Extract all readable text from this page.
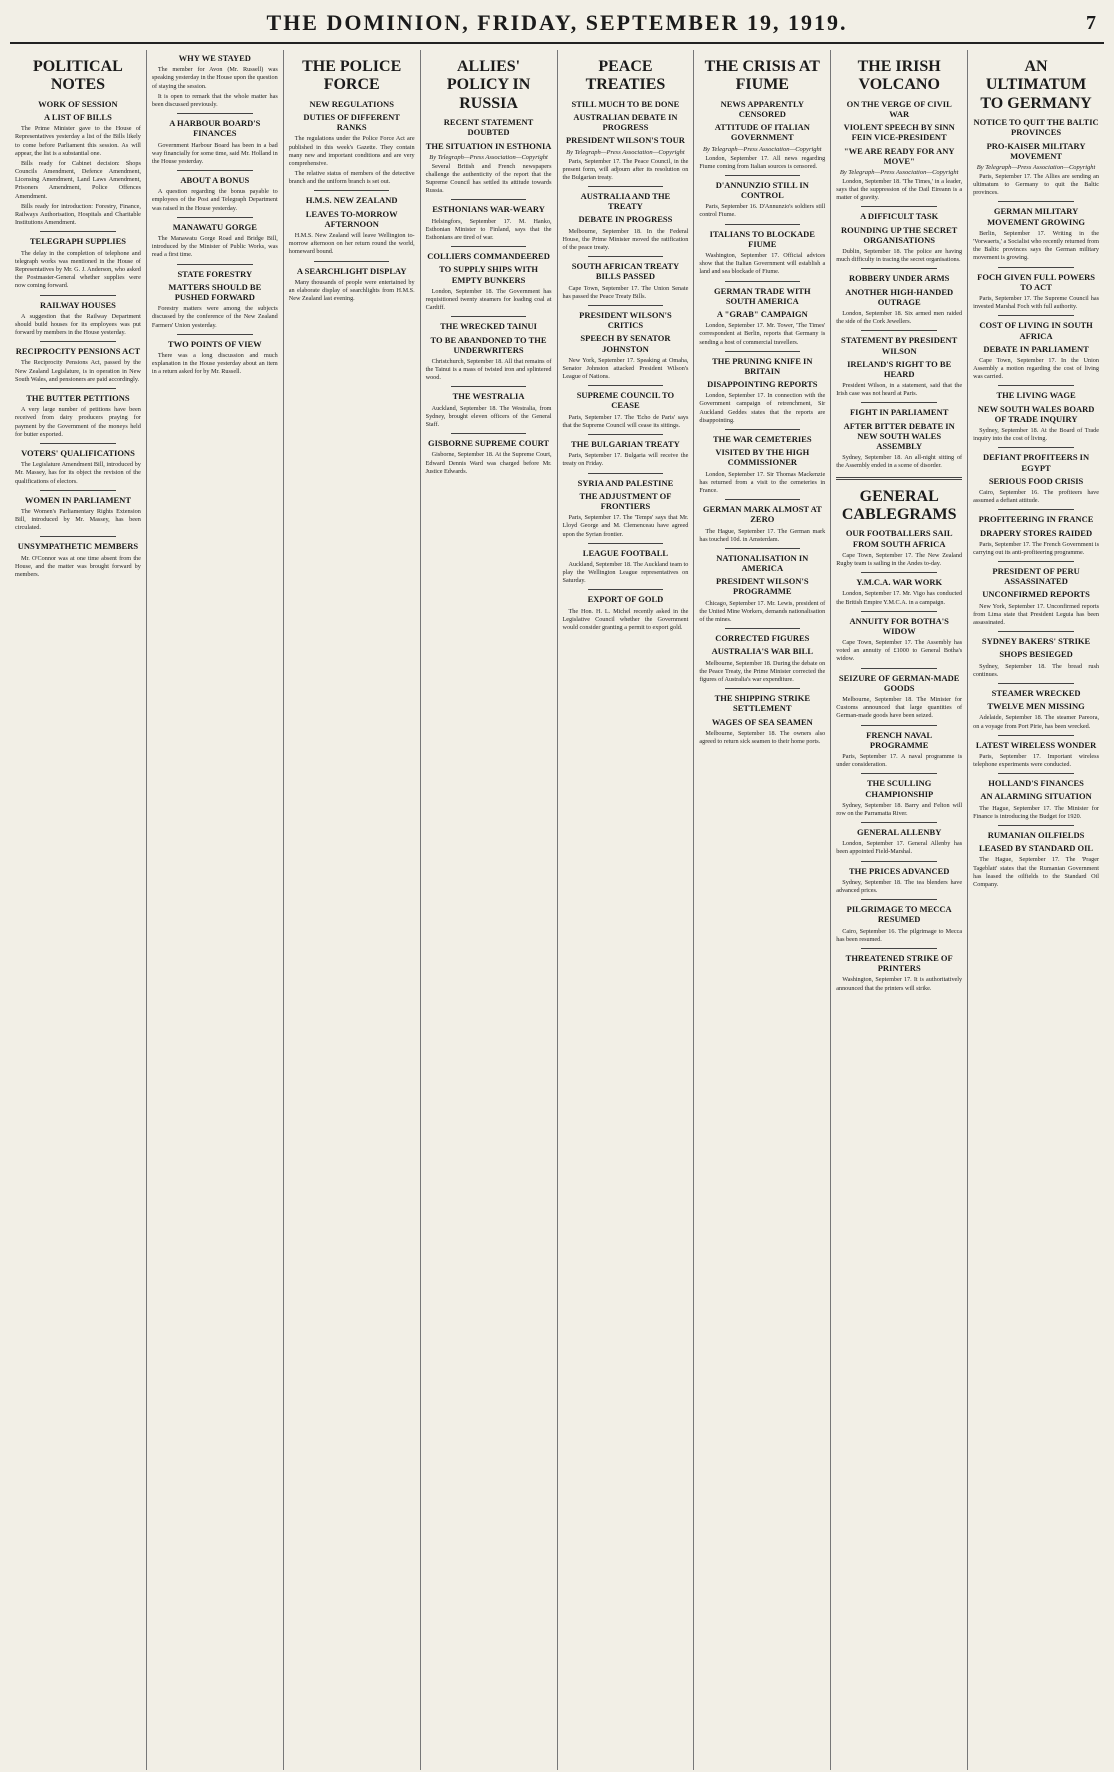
THE DOMINION, FRIDAY, SEPTEMBER 19, 1919.	7
POLITICAL NOTES
WORK OF SESSION
A LIST OF BILLS

The Prime Minister gave to the House of Representatives yesterday a list of the Bills likely to come before Parliament this session. As will appear, the list is a substantial one.

Bills ready for Cabinet decision: Shops Councils Amendment, Defence Amendment, Licensing Amendment, Land Laws Amendment, Prisoners Amendment, Police Offences Amendment.

Bills ready for introduction: Forestry, Finance, Railways Authorisation, Hospitals and Charitable Institutions Amendment.

TELEGRAPH SUPPLIES

The delay in the completion of telephone and telegraph works was mentioned in the House of Representatives by Mr. G. J. Anderson, who asked the Postmaster-General whether supplies were now coming forward.

RAILWAY HOUSES

A suggestion that the Railway Department should build houses for its employees was put forward by members in the House yesterday.

RECIPROCITY PENSIONS ACT

The Reciprocity Pensions Act, passed by the New Zealand Legislature, is in operation in New South Wales, and pensioners are paid accordingly.

THE BUTTER PETITIONS

A very large number of petitions have been received from dairy producers praying for payment by the Government of the moneys held for butter exported.

VOTERS' QUALIFICATIONS

The Legislature Amendment Bill, introduced by Mr. Massey, has for its object the revision of the qualifications of electors.

WOMEN IN PARLIAMENT

The Women's Parliamentary Rights Extension Bill, introduced by Mr. Massey, has been circulated.

UNSYMPATHETIC MEMBERS

Mr. O'Connor was at one time absent from the House, and the matter was brought forward by members.

WHY WE STAYED

The member for Avon (Mr. Russell) was speaking yesterday in the House upon the question of staying the session.

It is open to remark that the whole matter has been discussed previously.

A HARBOUR BOARD'S FINANCES

Government Harbour Board has been in a bad way financially for some time, said Mr. Holland in the House yesterday.

ABOUT A BONUS

A question regarding the bonus payable to employees of the Post and Telegraph Department was raised in the House yesterday.

MANAWATU GORGE

The Manawatu Gorge Road and Bridge Bill, introduced by the Minister of Public Works, was read a first time.

STATE FORESTRY
MATTERS SHOULD BE PUSHED FORWARD

Forestry matters were among the subjects discussed by the conference of the New Zealand Farmers' Union yesterday.

TWO POINTS OF VIEW

There was a long discussion and much explanation in the House yesterday about an item in a return asked for by Mr. Russell.

THE POLICE FORCE
NEW REGULATIONS
DUTIES OF DIFFERENT RANKS

The regulations under the Police Force Act are published in this week's Gazette. They contain many new and important conditions and are very comprehensive.

The relative status of members of the detective branch and the uniform branch is set out.

H.M.S. NEW ZEALAND
LEAVES TO-MORROW AFTERNOON

H.M.S. New Zealand will leave Wellington to-morrow afternoon on her return round the world, homeward bound.

A SEARCHLIGHT DISPLAY

Many thousands of people were entertained by an elaborate display of searchlights from H.M.S. New Zealand last evening.

ALLIES' POLICY IN RUSSIA
RECENT STATEMENT DOUBTED
THE SITUATION IN ESTHONIA
By Telegraph—Press Association—Copyright

Several British and French newspapers challenge the authenticity of the report that the Supreme Council has settled its attitude towards Russia.

ESTHONIANS WAR-WEARY

Helsingfors, September 17. M. Hanko, Esthonian Minister to Finland, says that the Esthonians are tired of war.

COLLIERS COMMANDEERED
TO SUPPLY SHIPS WITH EMPTY BUNKERS

London, September 18. The Government has requisitioned twenty steamers for loading coal at Cardiff.

THE WRECKED TAINUI
TO BE ABANDONED TO THE UNDERWRITERS

Christchurch, September 18. All that remains of the Tainui is a mass of twisted iron and splintered wood.

THE WESTRALIA

Auckland, September 18. The Westralia, from Sydney, brought eleven officers of the General Staff.

GISBORNE SUPREME COURT

Gisborne, September 18. At the Supreme Court, Edward Dennis Ward was charged before Mr. Justice Edwards.

PEACE TREATIES
STILL MUCH TO BE DONE
AUSTRALIAN DEBATE IN PROGRESS
PRESIDENT WILSON'S TOUR
By Telegraph—Press Association—Copyright

Paris, September 17. The Peace Council, in the present form, will adjourn after its resolution on the Bulgarian treaty.

AUSTRALIA AND THE TREATY
DEBATE IN PROGRESS

Melbourne, September 18. In the Federal House, the Prime Minister moved the ratification of the peace treaty.

SOUTH AFRICAN TREATY BILLS PASSED

Cape Town, September 17. The Union Senate has passed the Peace Treaty Bills.

PRESIDENT WILSON'S CRITICS
SPEECH BY SENATOR JOHNSTON

New York, September 17. Speaking at Omaha, Senator Johnston attacked President Wilson's League of Nations.

SUPREME COUNCIL TO CEASE

Paris, September 17. The 'Echo de Paris' says that the Supreme Council will cease its sittings.

THE BULGARIAN TREATY

Paris, September 17. Bulgaria will receive the treaty on Friday.

SYRIA AND PALESTINE
THE ADJUSTMENT OF FRONTIERS

Paris, September 17. The 'Temps' says that Mr. Lloyd George and M. Clemenceau have agreed upon the Syrian frontier.

LEAGUE FOOTBALL

Auckland, September 18. The Auckland team to play the Wellington League representatives on Saturday.

EXPORT OF GOLD

The Hon. H. L. Michel recently asked in the Legislative Council whether the Government would consider granting a permit to export gold.

THE CRISIS AT FIUME
NEWS APPARENTLY CENSORED
ATTITUDE OF ITALIAN GOVERNMENT
By Telegraph—Press Association—Copyright

London, September 17. All news regarding Fiume coming from Italian sources is censored.

D'ANNUNZIO STILL IN CONTROL

Paris, September 16. D'Annunzio's soldiers still control Fiume.

ITALIANS TO BLOCKADE FIUME

Washington, September 17. Official advices show that the Italian Government will establish a land and sea blockade of Fiume.

GERMAN TRADE WITH SOUTH AMERICA
A "GRAB" CAMPAIGN

London, September 17. Mr. Tower, 'The Times' correspondent at Berlin, reports that Germany is sending a host of commercial travellers.

THE PRUNING KNIFE IN BRITAIN
DISAPPOINTING REPORTS

London, September 17. In connection with the Government campaign of retrenchment, Sir Auckland Geddes states that the reports are disappointing.

THE WAR CEMETERIES
VISITED BY THE HIGH COMMISSIONER

London, September 17. Sir Thomas Mackenzie has returned from a visit to the cemeteries in France.

GERMAN MARK ALMOST AT ZERO

The Hague, September 17. The German mark has touched 10d. in Amsterdam.

NATIONALISATION IN AMERICA
PRESIDENT WILSON'S PROGRAMME

Chicago, September 17. Mr. Lewis, president of the United Mine Workers, demands nationalisation of the mines.

CORRECTED FIGURES
AUSTRALIA'S WAR BILL

Melbourne, September 18. During the debate on the Peace Treaty, the Prime Minister corrected the figures of Australia's war expenditure.

THE SHIPPING STRIKE SETTLEMENT
WAGES OF SEA SEAMEN

Melbourne, September 18. The owners also agreed to return sick seamen to their home ports.

THE IRISH VOLCANO
ON THE VERGE OF CIVIL WAR
VIOLENT SPEECH BY SINN FEIN VICE-PRESIDENT
"WE ARE READY FOR ANY MOVE"
By Telegraph—Press Association—Copyright

London, September 18. 'The Times,' in a leader, says that the suppression of the Dail Eireann is a matter of gravity.

A DIFFICULT TASK
ROUNDING UP THE SECRET ORGANISATIONS

Dublin, September 18. The police are having much difficulty in tracing the secret organisations.

ROBBERY UNDER ARMS
ANOTHER HIGH-HANDED OUTRAGE

London, September 18. Six armed men raided the side of the Cork Jewellers.

STATEMENT BY PRESIDENT WILSON
IRELAND'S RIGHT TO BE HEARD

President Wilson, in a statement, said that the Irish case was not heard at Paris.

FIGHT IN PARLIAMENT
AFTER BITTER DEBATE IN NEW SOUTH WALES ASSEMBLY

Sydney, September 18. An all-night sitting of the Assembly ended in a scene of disorder.

GENERAL CABLEGRAMS
OUR FOOTBALLERS SAIL FROM SOUTH AFRICA

Cape Town, September 17. The New Zealand Rugby team is sailing in the Andes to-day.

Y.M.C.A. WAR WORK

London, September 17. Mr. Vigo has conducted the British Empire Y.M.C.A. in a campaign.

ANNUITY FOR BOTHA'S WIDOW

Cape Town, September 17. The Assembly has voted an annuity of £1000 to General Botha's widow.

SEIZURE OF GERMAN-MADE GOODS

Melbourne, September 18. The Minister for Customs announced that large quantities of German-made goods have been seized.

FRENCH NAVAL PROGRAMME

Paris, September 17. A naval programme is under consideration.

THE SCULLING CHAMPIONSHIP

Sydney, September 18. Barry and Felton will row on the Parramatta River.

GENERAL ALLENBY

London, September 17. General Allenby has been appointed Field-Marshal.

THE PRICES ADVANCED

Sydney, September 18. The tea blenders have advanced prices.

PILGRIMAGE TO MECCA RESUMED

Cairo, September 16. The pilgrimage to Mecca has been resumed.

THREATENED STRIKE OF PRINTERS

Washington, September 17. It is authoritatively announced that the printers will strike.

AN ULTIMATUM TO GERMANY
NOTICE TO QUIT THE BALTIC PROVINCES
PRO-KAISER MILITARY MOVEMENT
By Telegraph—Press Association—Copyright

Paris, September 17. The Allies are sending an ultimatum to Germany to quit the Baltic provinces.

GERMAN MILITARY MOVEMENT GROWING

Berlin, September 17. Writing in the 'Vorwaerts,' a Socialist who recently returned from the Baltic provinces says the German military movement is growing.

FOCH GIVEN FULL POWERS TO ACT

Paris, September 17. The Supreme Council has invested Marshal Foch with full authority.

COST OF LIVING IN SOUTH AFRICA
DEBATE IN PARLIAMENT

Cape Town, September 17. In the Union Assembly a motion regarding the cost of living was carried.

THE LIVING WAGE
NEW SOUTH WALES BOARD OF TRADE INQUIRY

Sydney, September 18. At the Board of Trade inquiry into the cost of living.

DEFIANT PROFITEERS IN EGYPT
SERIOUS FOOD CRISIS

Cairo, September 16. The profiteers have assumed a defiant attitude.

PROFITEERING IN FRANCE
DRAPERY STORES RAIDED

Paris, September 17. The French Government is carrying out its anti-profiteering programme.

PRESIDENT OF PERU ASSASSINATED
UNCONFIRMED REPORTS

New York, September 17. Unconfirmed reports from Lima state that President Leguia has been assassinated.

SYDNEY BAKERS' STRIKE
SHOPS BESIEGED

Sydney, September 18. The bread rush continues.

STEAMER WRECKED
TWELVE MEN MISSING

Adelaide, September 18. The steamer Pareora, on a voyage from Port Pirie, has been wrecked.

LATEST WIRELESS WONDER

Paris, September 17. Important wireless telephone experiments were conducted.

HOLLAND'S FINANCES
AN ALARMING SITUATION

The Hague, September 17. The Minister for Finance is introducing the Budget for 1920.

RUMANIAN OILFIELDS
LEASED BY STANDARD OIL

The Hague, September 17. The 'Prager Tageblatt' states that the Rumanian Government has leased the oilfields to the Standard Oil Company.
